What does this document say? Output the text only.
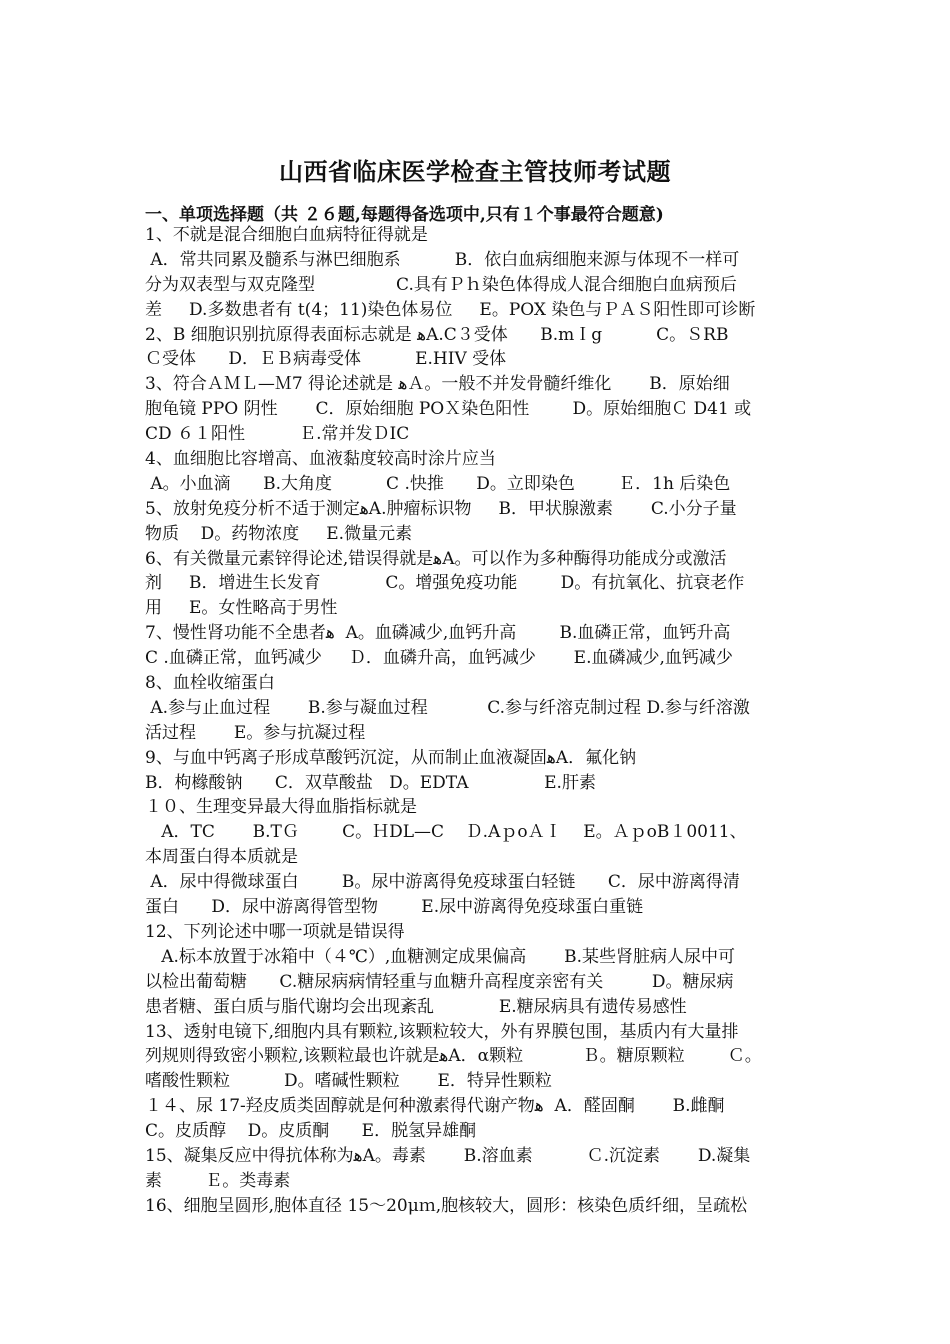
山西省临床医学检查主管技师考试题
一、单项选择题（共 ２６题,每题得备选项中,只有１个事最符合题意)
1、不就是混合细胞白血病特征得就是
A．常共同累及髓系与淋巴细胞系          B．依白血病细胞来源与体现不一样可
分为双表型与双克隆型               C.具有Ｐｈ染色体得成人混合细胞白血病预后
差     D.多数患者有 t(4；11)染色体易位     E。POX 染色与ＰＡＳ阳性即可诊断
2、B 细胞识别抗原得表面标志就是 ﻫA.C３受体      B.mＩg          C。ＳRB
Ｃ受体      D．ＥＢ病毒受体          E.HIV 受体
3、符合ＡＭＬ—Ｍ7 得论述就是 ﻫＡ。一般不并发骨髓纤维化       B．原始细
胞龟镜 PPO 阴性       C．原始细胞 POＸ染色阳性        D。原始细胞Ｃ D41 或
CD ６１阳性          Ｅ.常并发ＤIC
4、血细胞比容增高、血液黏度较高时涂片应当
A。小血滴      B.大角度          C .快推      D。立即染色        Ｅ．1h 后染色
5、放射免疫分析不适于测定ﻫA.肿瘤标识物     B．甲状腺激素       C.小分子量
物质    D。药物浓度     E.微量元素
6、有关微量元素锌得论述,错误得就是ﻫA。可以作为多种酶得功能成分或激活
剂     B．增进生长发育            C。增强免疫功能        D。有抗氧化、抗衰老作
用     E。女性略高于男性
7、慢性肾功能不全患者ﻫ  A。血磷减少,血钙升高        B.血磷正常，血钙升高
C .血磷正常，血钙减少     Ｄ．血磷升高，血钙减少       E.血磷减少,血钙减少
8、血栓收缩蛋白
A.参与止血过程       B.参与凝血过程           C.参与纤溶克制过程 D.参与纤溶激
活过程       E。参与抗凝过程
9、与血中钙离子形成草酸钙沉淀，从而制止血液凝固ﻫA．氟化钠
B．枸橼酸钠      C．双草酸盐   D。EDTA              E.肝素
１０、生理变异最大得血脂指标就是
A．TC       B.TＧ        C。ＨDL—C    Ｄ.AｐoＡＩ    E。ＡｐoB１0011、
本周蛋白得本质就是
A．尿中得微球蛋白        B。尿中游离得免疫球蛋白轻链      C．尿中游离得清
蛋白      D．尿中游离得管型物        E.尿中游离得免疫球蛋白重链
12、下列论述中哪一项就是错误得
A.标本放置于冰箱中（４℃）,血糖测定成果偏高       B.某些肾脏病人尿中可
以检出葡萄糖      C.糖尿病病情轻重与血糖升高程度亲密有关         D。糖尿病
患者糖、蛋白质与脂代谢均会出现紊乱            E.糖尿病具有遗传易感性
13、透射电镜下,细胞内具有颗粒,该颗粒较大，外有界膜包围，基质内有大量排
列规则得致密小颗粒,该颗粒最也许就是ﻫA．α颗粒           Ｂ。糖原颗粒        Ｃ。
嗜酸性颗粒          D。嗜碱性颗粒       E．特异性颗粒
１４、尿 17-羟皮质类固醇就是何种激素得代谢产物ﻫ  A．醛固酮       B.雌酮
C。皮质醇    D。皮质酮      E．脱氢异雄酮
15、凝集反应中得抗体称为ﻫA。毒素       B.溶血素          Ｃ.沉淀素       D.凝集
素        Ｅ。类毒素
16、细胞呈圆形,胞体直径 15～20μｍ,胞核较大，圆形：核染色质纤细，呈疏松
